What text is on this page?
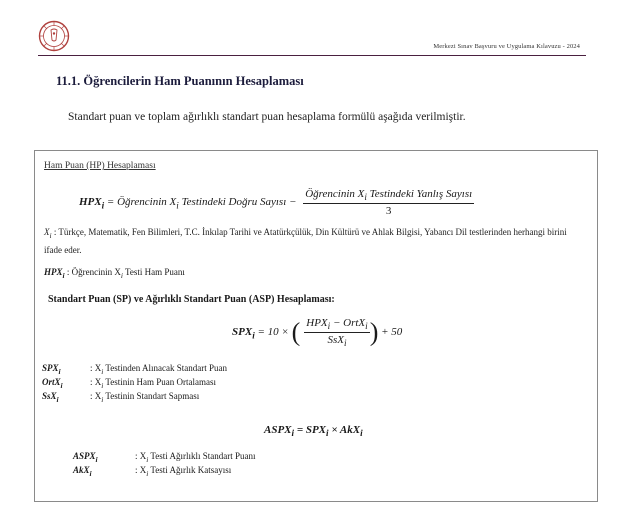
Merkezi Sınav Başvuru ve Uygulama Kılavuzu - 2024
11.1. Öğrencilerin Ham Puanının Hesaplaması
Standart puan ve toplam ağırlıklı standart puan hesaplama formülü aşağıda verilmiştir.
Ham Puan (HP) Hesaplaması
$HPX_i$ = Öğrencinin $X_i$ Testindeki Doğru Sayısı − $\frac{Öğrencinin X_i Testindeki Yanlış Sayısı}{3}$
$X_i$ : Türkçe, Matematik, Fen Bilimleri, T.C. İnkılap Tarihi ve Atatürkçülük, Din Kültürü ve Ahlak Bilgisi, Yabancı Dil testlerinden herhangi birini ifade eder.
$HPX_i$ : Öğrencinin $X_i$ Testi Ham Puanı
Standart Puan (SP) ve Ağırlıklı Standart Puan (ASP) Hesaplaması:
$SPX_i = 10$ × ( $\frac{HPX_i - OrtX_i}{SsX_i}$ ) + 50
$SPX_i$	: $X_i$ Testinden Alınacak Standart Puan
OrtX$_i$	: $X_i$ Testinin Ham Puan Ortalaması
SsX$_i$	: $X_i$ Testinin Standart Sapması
$ASPX_i = SPX_i \times AkX_i$
$ASPX_i$	: $X_i$ Testi Ağırlıklı Standart Puanı
AkX$_i$	: $X_i$ Testi Ağırlık Katsayısı
